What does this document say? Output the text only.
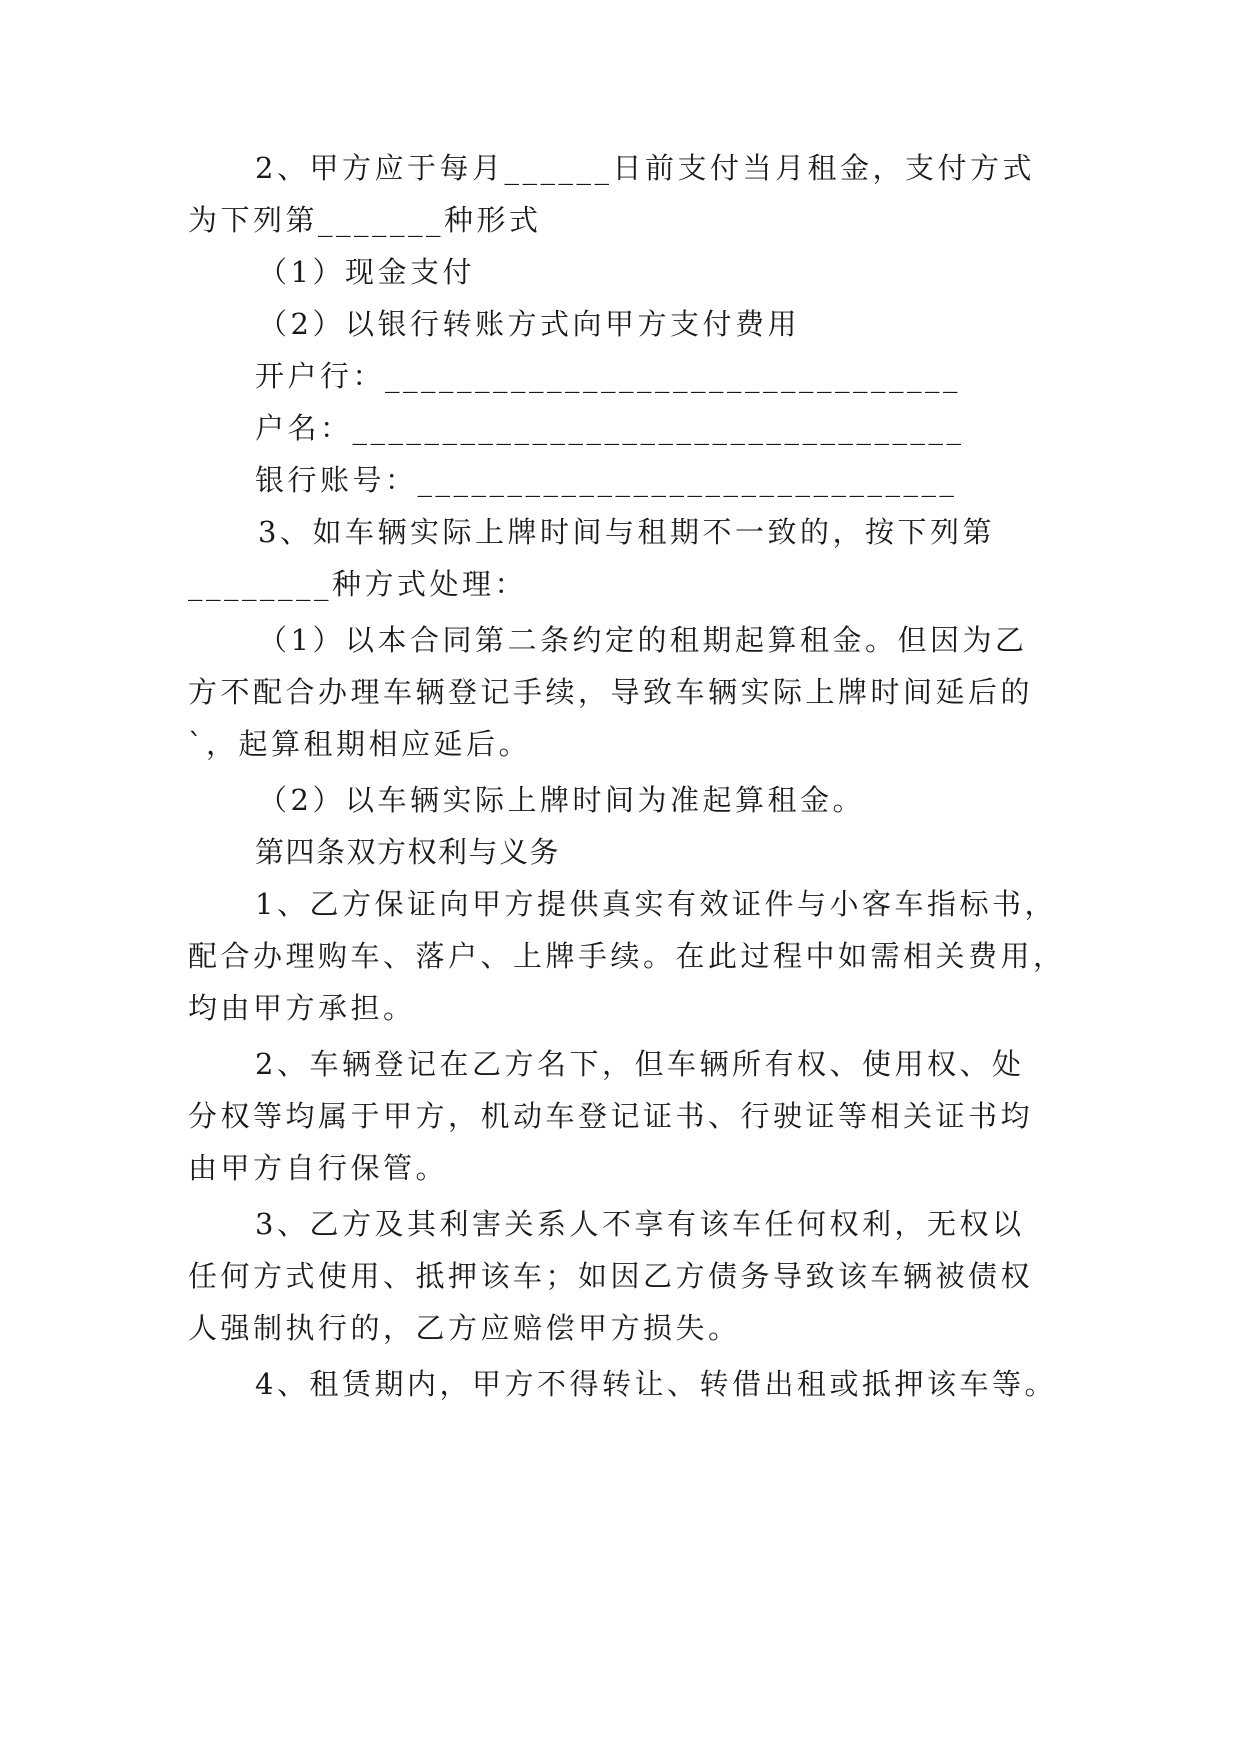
2、甲方应于每月______日前支付当月租金，支付方式
为下列第_______种形式
（1）现金支付
（2）以银行转账方式向甲方支付费用
开户行：________________________________
户名：__________________________________
银行账号：______________________________
3、如车辆实际上牌时间与租期不一致的，按下列第
________种方式处理：
（1）以本合同第二条约定的租期起算租金。但因为乙
方不配合办理车辆登记手续，导致车辆实际上牌时间延后的
`，起算租期相应延后。
（2）以车辆实际上牌时间为准起算租金。
第四条双方权利与义务
1、乙方保证向甲方提供真实有效证件与小客车指标书，
配合办理购车、落户、上牌手续。在此过程中如需相关费用，
均由甲方承担。
2、车辆登记在乙方名下，但车辆所有权、使用权、处
分权等均属于甲方，机动车登记证书、行驶证等相关证书均
由甲方自行保管。
3、乙方及其利害关系人不享有该车任何权利，无权以
任何方式使用、抵押该车；如因乙方债务导致该车辆被债权
人强制执行的，乙方应赔偿甲方损失。
4、租赁期内，甲方不得转让、转借出租或抵押该车等。
